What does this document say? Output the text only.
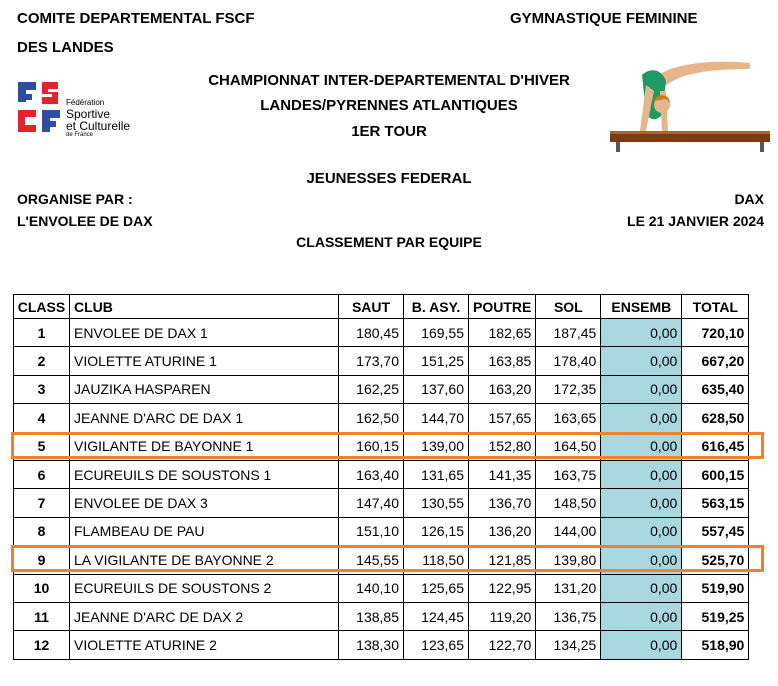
COMITE DEPARTEMENTAL FSCF
DES LANDES
GYMNASTIQUE FEMININE
Fédération
Sportive
et Culturelle
de France
CHAMPIONNAT INTER-DEPARTEMENTAL D'HIVER
LANDES/PYRENNES ATLANTIQUES
1ER TOUR
JEUNESSES FEDERAL
ORGANISE PAR :
L'ENVOLEE DE DAX
DAX
LE 21 JANVIER 2024
CLASSEMENT PAR EQUIPE
CLASS	CLUB	SAUT	B. ASY.	POUTRE	SOL	ENSEMB	TOTAL
1	ENVOLEE DE DAX 1	180,45	169,55	182,65	187,45	0,00	720,10
2	VIOLETTE ATURINE 1	173,70	151,25	163,85	178,40	0,00	667,20
3	JAUZIKA HASPAREN	162,25	137,60	163,20	172,35	0,00	635,40
4	JEANNE D'ARC DE DAX 1	162,50	144,70	157,65	163,65	0,00	628,50
5	VIGILANTE DE BAYONNE 1	160,15	139,00	152,80	164,50	0,00	616,45
6	ECUREUILS DE SOUSTONS 1	163,40	131,65	141,35	163,75	0,00	600,15
7	ENVOLEE DE DAX 3	147,40	130,55	136,70	148,50	0,00	563,15
8	FLAMBEAU DE PAU	151,10	126,15	136,20	144,00	0,00	557,45
9	LA VIGILANTE DE BAYONNE 2	145,55	118,50	121,85	139,80	0,00	525,70
10	ECUREUILS DE SOUSTONS 2	140,10	125,65	122,95	131,20	0,00	519,90
11	JEANNE D'ARC DE DAX 2	138,85	124,45	119,20	136,75	0,00	519,25
12	VIOLETTE ATURINE 2	138,30	123,65	122,70	134,25	0,00	518,90
